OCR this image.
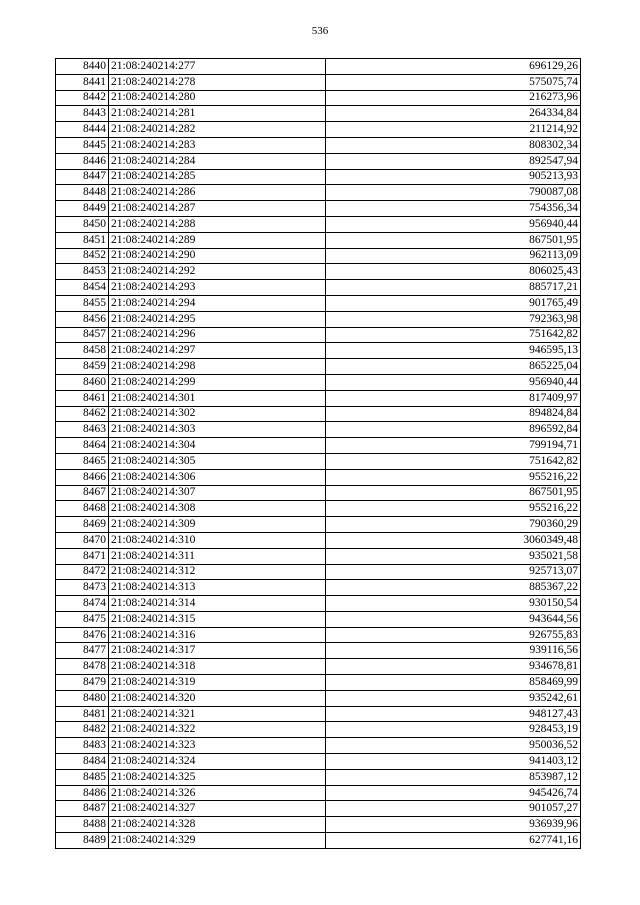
536
8440	21:08:240214:277	696129,26
8441	21:08:240214:278	575075,74
8442	21:08:240214:280	216273,96
8443	21:08:240214:281	264334,84
8444	21:08:240214:282	211214,92
8445	21:08:240214:283	808302,34
8446	21:08:240214:284	892547,94
8447	21:08:240214:285	905213,93
8448	21:08:240214:286	790087,08
8449	21:08:240214:287	754356,34
8450	21:08:240214:288	956940,44
8451	21:08:240214:289	867501,95
8452	21:08:240214:290	962113,09
8453	21:08:240214:292	806025,43
8454	21:08:240214:293	885717,21
8455	21:08:240214:294	901765,49
8456	21:08:240214:295	792363,98
8457	21:08:240214:296	751642,82
8458	21:08:240214:297	946595,13
8459	21:08:240214:298	865225,04
8460	21:08:240214:299	956940,44
8461	21:08:240214:301	817409,97
8462	21:08:240214:302	894824,84
8463	21:08:240214:303	896592,84
8464	21:08:240214:304	799194,71
8465	21:08:240214:305	751642,82
8466	21:08:240214:306	955216,22
8467	21:08:240214:307	867501,95
8468	21:08:240214:308	955216,22
8469	21:08:240214:309	790360,29
8470	21:08:240214:310	3060349,48
8471	21:08:240214:311	935021,58
8472	21:08:240214:312	925713,07
8473	21:08:240214:313	885367,22
8474	21:08:240214:314	930150,54
8475	21:08:240214:315	943644,56
8476	21:08:240214:316	926755,83
8477	21:08:240214:317	939116,56
8478	21:08:240214:318	934678,81
8479	21:08:240214:319	858469,99
8480	21:08:240214:320	935242,61
8481	21:08:240214:321	948127,43
8482	21:08:240214:322	928453,19
8483	21:08:240214:323	950036,52
8484	21:08:240214:324	941403,12
8485	21:08:240214:325	853987,12
8486	21:08:240214:326	945426,74
8487	21:08:240214:327	901057,27
8488	21:08:240214:328	936939,96
8489	21:08:240214:329	627741,16
